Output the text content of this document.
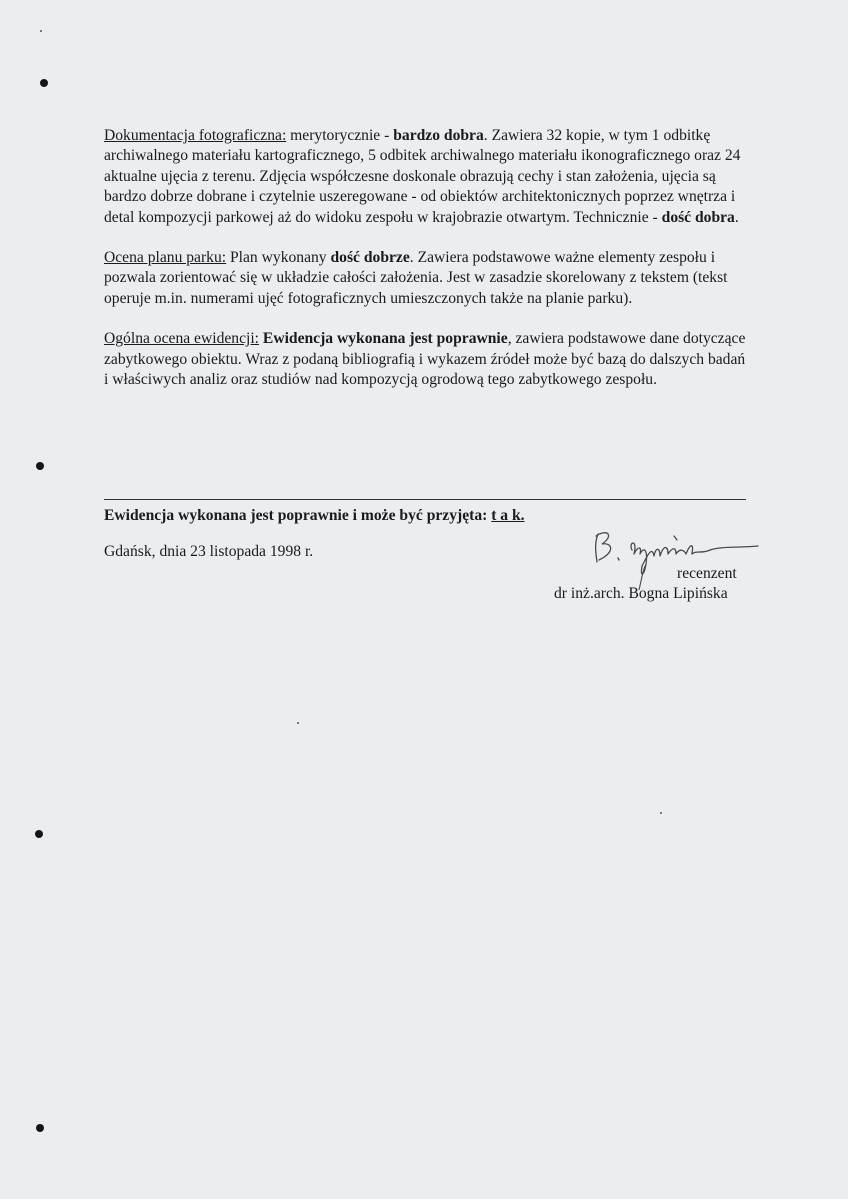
Dokumentacja fotograficzna: merytorycznie - bardzo dobra. Zawiera 32 kopie, w tym 1 odbitkę archiwalnego materiału kartograficznego, 5 odbitek archiwalnego materiału ikonograficznego oraz 24 aktualne ujęcia z terenu. Zdjęcia współczesne doskonale obrazują cechy i stan założenia, ujęcia są bardzo dobrze dobrane i czytelnie uszeregowane - od obiektów architektonicznych poprzez wnętrza i detal kompozycji parkowej aż do widoku zespołu w krajobrazie otwartym. Technicznie - dość dobra.

Ocena planu parku: Plan wykonany dość dobrze. Zawiera podstawowe ważne elementy zespołu i pozwala zorientować się w układzie całości założenia. Jest w zasadzie skorelowany z tekstem (tekst operuje m.in. numerami ujęć fotograficznych umieszczonych także na planie parku).

Ogólna ocena ewidencji: Ewidencja wykonana jest poprawnie, zawiera podstawowe dane dotyczące zabytkowego obiektu. Wraz z podaną bibliografią i wykazem źródeł może być bazą do dalszych badań i właściwych analiz oraz studiów nad kompozycją ogrodową tego zabytkowego zespołu.

Ewidencja wykonana jest poprawnie i może być przyjęta: t a k.
Gdańsk, dnia 23 listopada 1998 r.
recenzent
dr inż.arch. Bogna Lipińska
